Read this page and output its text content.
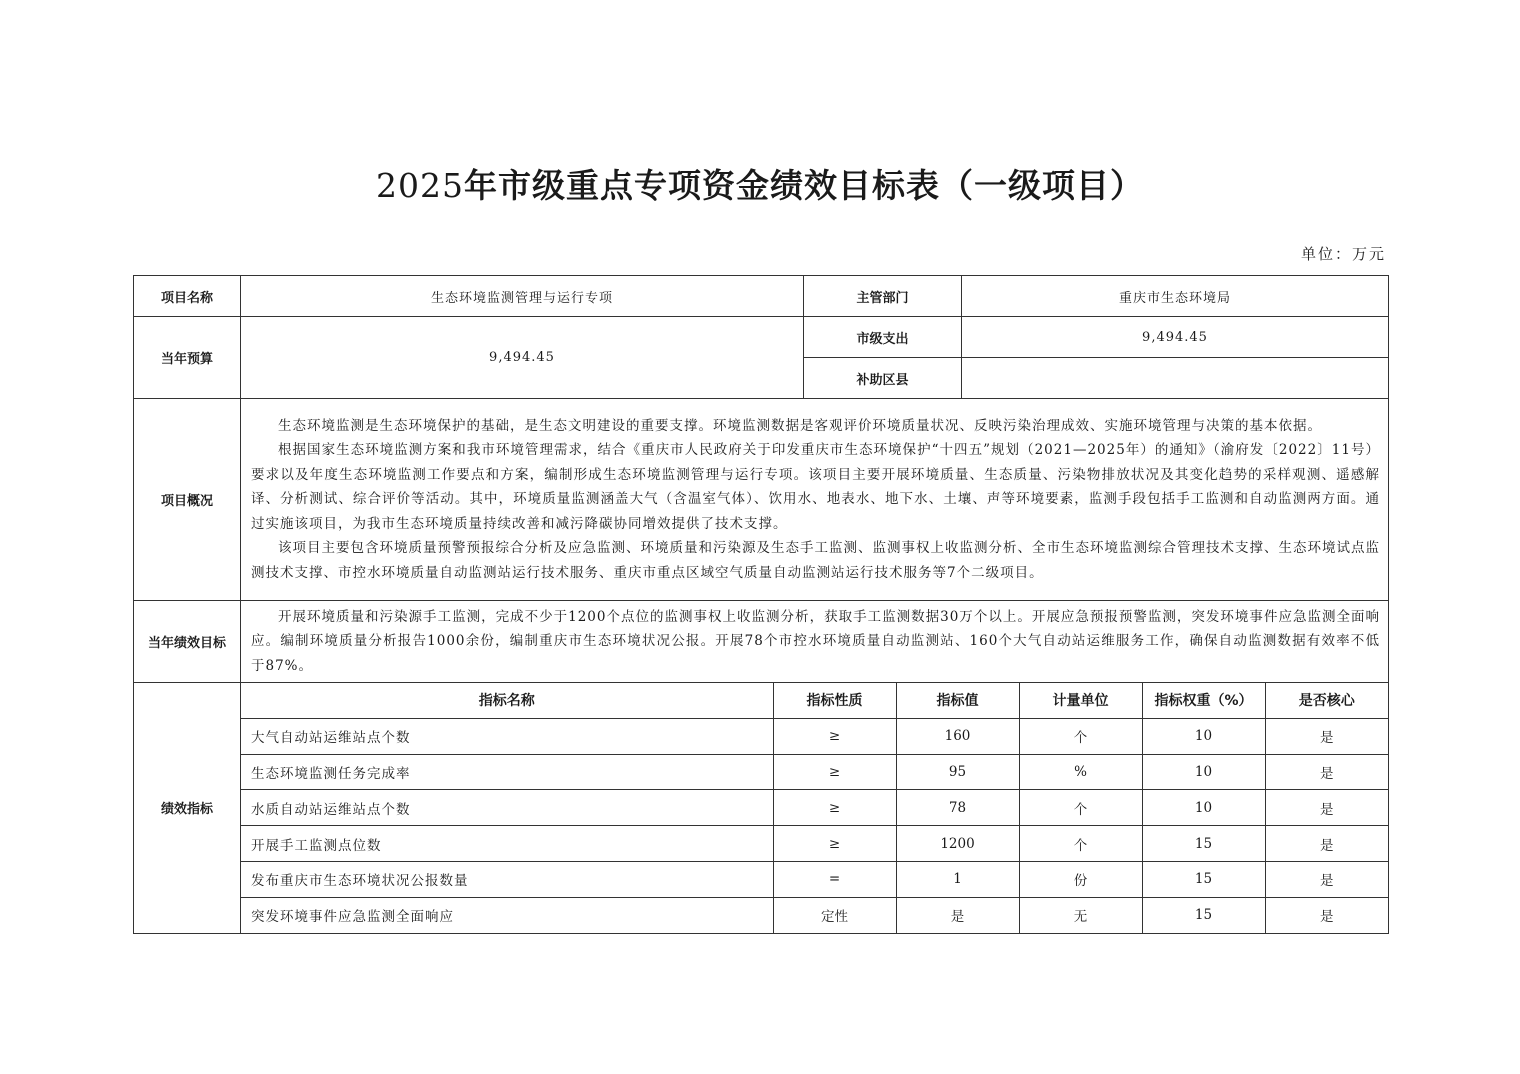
2025年市级重点专项资金绩效目标表（一级项目）
单位：万元
项目名称	生态环境监测管理与运行专项	主管部门	重庆市生态环境局
当年预算	9,494.45	市级支出	9,494.45
补助区县	
项目概况	

生态环境监测是生态环境保护的基础，是生态文明建设的重要支撑。环境监测数据是客观评价环境质量状况、反映污染治理成效、实施环境管理与决策的基本依据。

根据国家生态环境监测方案和我市环境管理需求，结合《重庆市人民政府关于印发重庆市生态环境保护“十四五”规划（2021—2025年）的通知》（渝府发〔2022〕11号）要求以及年度生态环境监测工作要点和方案，编制形成生态环境监测管理与运行专项。该项目主要开展环境质量、生态质量、污染物排放状况及其变化趋势的采样观测、遥感解译、分析测试、综合评价等活动。其中，环境质量监测涵盖大气（含温室气体）、饮用水、地表水、地下水、土壤、声等环境要素，监测手段包括手工监测和自动监测两方面。通过实施该项目，为我市生态环境质量持续改善和减污降碳协同增效提供了技术支撑。

该项目主要包含环境质量预警预报综合分析及应急监测、环境质量和污染源及生态手工监测、监测事权上收监测分析、全市生态环境监测综合管理技术支撑、生态环境试点监测技术支撑、市控水环境质量自动监测站运行技术服务、重庆市重点区域空气质量自动监测站运行技术服务等7个二级项目。

当年绩效目标	

开展环境质量和污染源手工监测，完成不少于1200个点位的监测事权上收监测分析，获取手工监测数据30万个以上。开展应急预报预警监测，突发环境事件应急监测全面响应。编制环境质量分析报告1000余份，编制重庆市生态环境状况公报。开展78个市控水环境质量自动监测站、160个大气自动站运维服务工作，确保自动监测数据有效率不低于87%。

绩效指标	
指标名称	指标性质	指标值	计量单位	指标权重（%）	是否核心
大气自动站运维站点个数	≥	160	个	10	是
生态环境监测任务完成率	≥	95	%	10	是
水质自动站运维站点个数	≥	78	个	10	是
开展手工监测点位数	≥	1200	个	15	是
发布重庆市生态环境状况公报数量	=	1	份	15	是
突发环境事件应急监测全面响应	定性	是	无	15	是
